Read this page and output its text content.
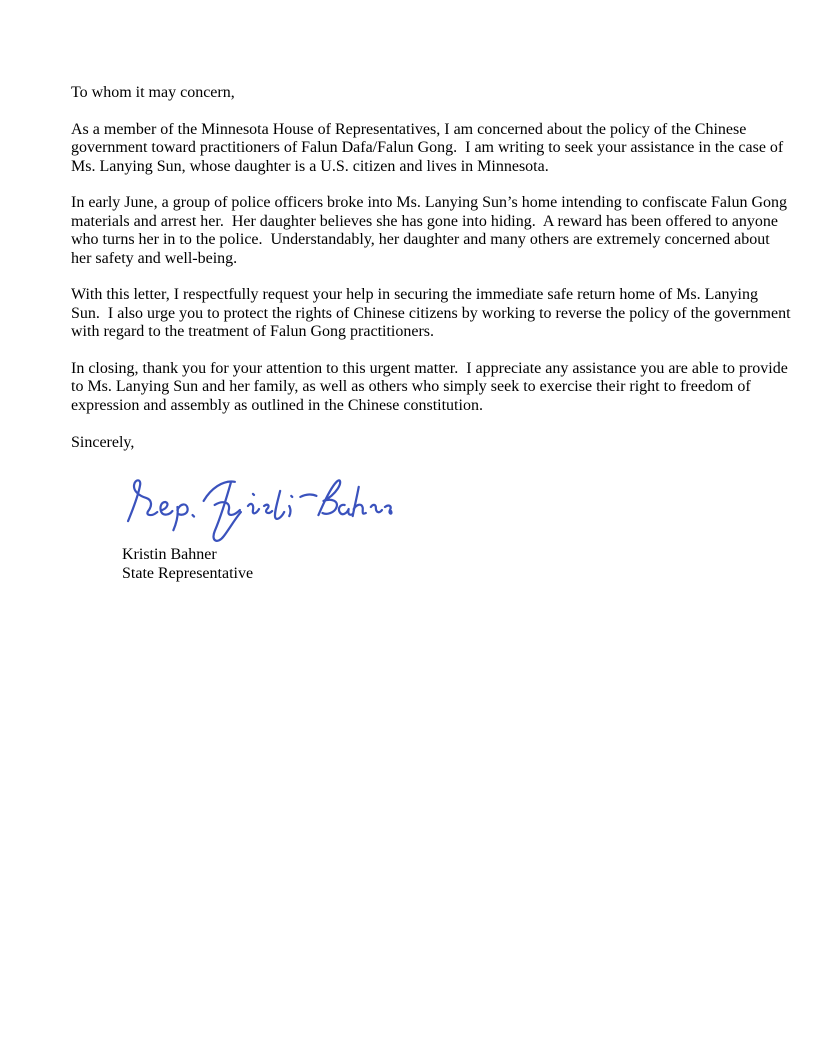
To whom it may concern,

As a member of the Minnesota House of Representatives, I am concerned about the policy of the Chinese
government toward practitioners of Falun Dafa/Falun Gong.  I am writing to seek your assistance in the case of
Ms. Lanying Sun, whose daughter is a U.S. citizen and lives in Minnesota.

In early June, a group of police officers broke into Ms. Lanying Sun’s home intending to confiscate Falun Gong
materials and arrest her.  Her daughter believes she has gone into hiding.  A reward has been offered to anyone
who turns her in to the police.  Understandably, her daughter and many others are extremely concerned about
her safety and well-being.

With this letter, I respectfully request your help in securing the immediate safe return home of Ms. Lanying
Sun.  I also urge you to protect the rights of Chinese citizens by working to reverse the policy of the government
with regard to the treatment of Falun Gong practitioners.

In closing, thank you for your attention to this urgent matter.  I appreciate any assistance you are able to provide
to Ms. Lanying Sun and her family, as well as others who simply seek to exercise their right to freedom of
expression and assembly as outlined in the Chinese constitution.

Sincerely,

Kristin Bahner
State Representative
